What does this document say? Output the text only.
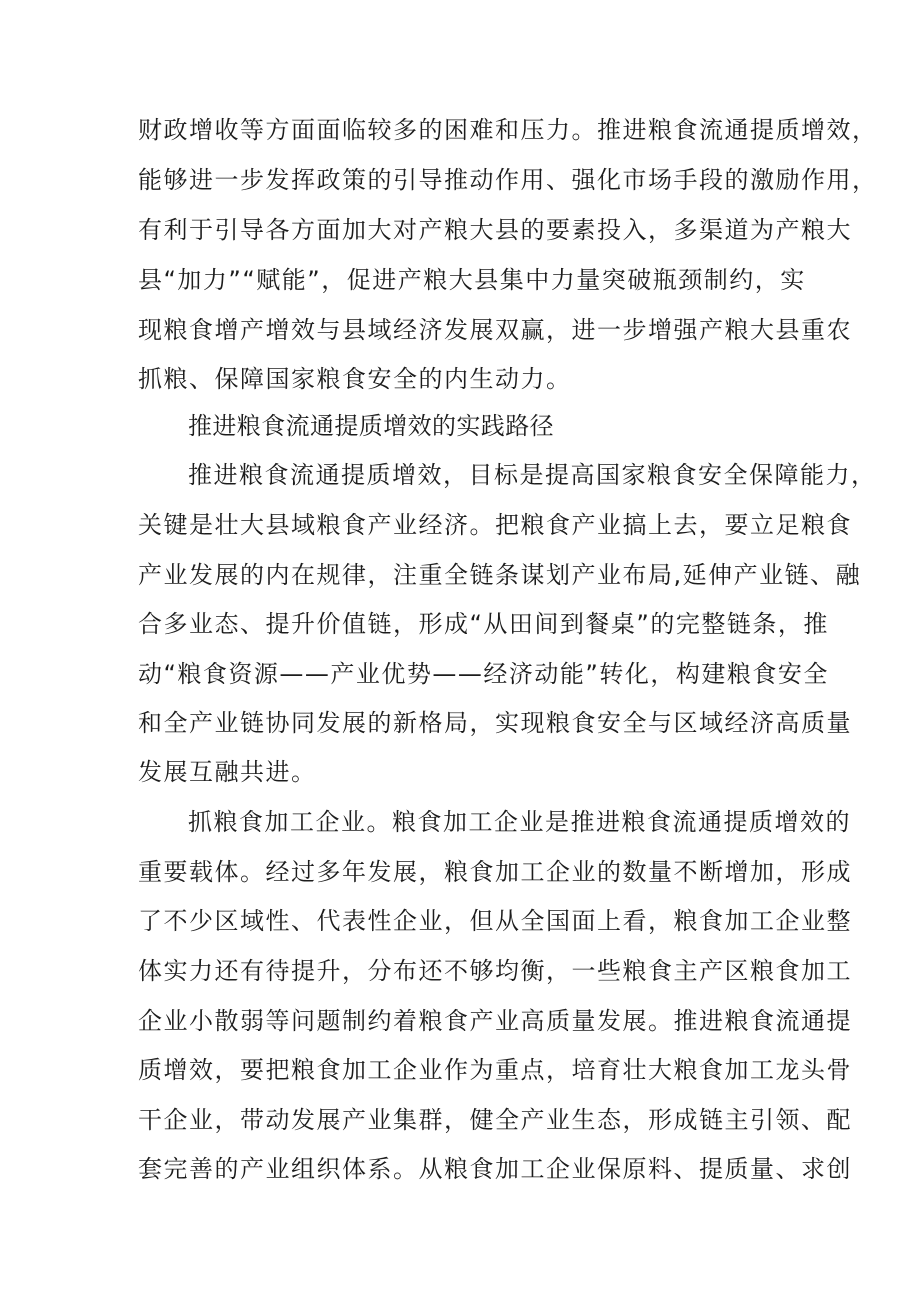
财政增收等方面面临较多的困难和压力。推进粮食流通提质增效，

能够进一步发挥政策的引导推动作用、强化市场手段的激励作用，

有利于引导各方面加大对产粮大县的要素投入，多渠道为产粮大

县“加力”“赋能”，促进产粮大县集中力量突破瓶颈制约，实

现粮食增产增效与县域经济发展双赢，进一步增强产粮大县重农

抓粮、保障国家粮食安全的内生动力。

推进粮食流通提质增效的实践路径

推进粮食流通提质增效，目标是提高国家粮食安全保障能力，

关键是壮大县域粮食产业经济。把粮食产业搞上去，要立足粮食

产业发展的内在规律，注重全链条谋划产业布局,延伸产业链、融

合多业态、提升价值链，形成“从田间到餐桌”的完整链条，推

动“粮食资源——产业优势——经济动能”转化，构建粮食安全

和全产业链协同发展的新格局，实现粮食安全与区域经济高质量

发展互融共进。

抓粮食加工企业。粮食加工企业是推进粮食流通提质增效的

重要载体。经过多年发展，粮食加工企业的数量不断增加，形成

了不少区域性、代表性企业，但从全国面上看，粮食加工企业整

体实力还有待提升，分布还不够均衡，一些粮食主产区粮食加工

企业小散弱等问题制约着粮食产业高质量发展。推进粮食流通提

质增效，要把粮食加工企业作为重点，培育壮大粮食加工龙头骨

干企业，带动发展产业集群，健全产业生态，形成链主引领、配

套完善的产业组织体系。从粮食加工企业保原料、提质量、求创
